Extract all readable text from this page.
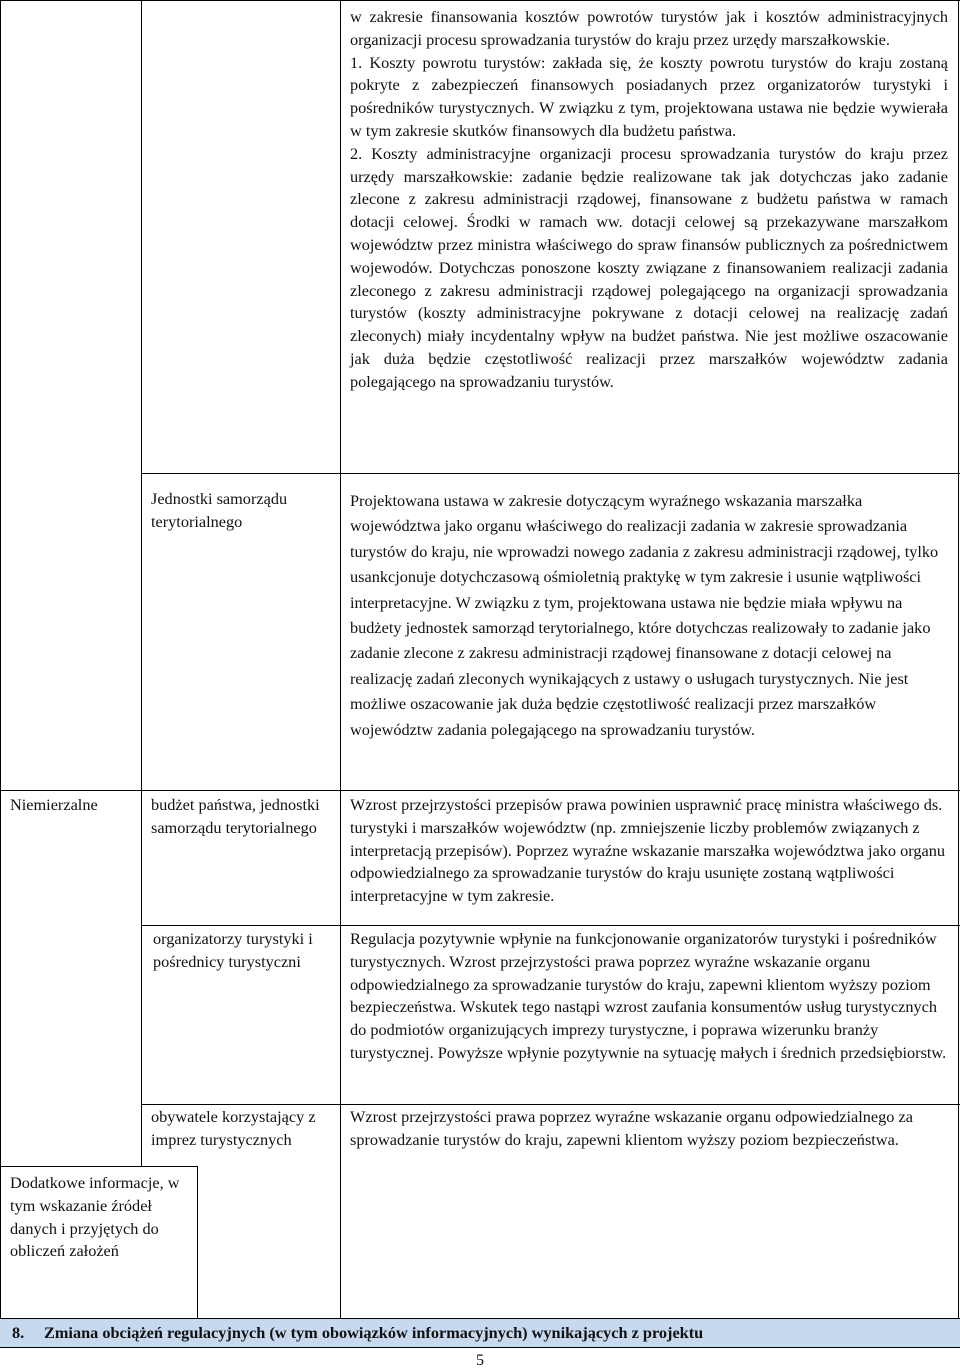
w zakresie finansowania kosztów powrotów turystów jak i kosztów administracyjnych organizacji procesu sprowadzania turystów do kraju przez urzędy marszałkowskie.

1. Koszty powrotu turystów: zakłada się, że koszty powrotu turystów do kraju zostaną pokryte z zabezpieczeń finansowych posiadanych przez organizatorów turystyki i pośredników turystycznych. W związku z tym, projektowana ustawa nie będzie wywierała w tym zakresie skutków finansowych dla budżetu państwa.

2. Koszty administracyjne organizacji procesu sprowadzania turystów do kraju przez urzędy marszałkowskie: zadanie będzie realizowane tak jak dotychczas jako zadanie zlecone z zakresu administracji rządowej, finansowane z budżetu państwa w ramach dotacji celowej. Środki w ramach ww. dotacji celowej są przekazywane marszałkom województw przez ministra właściwego do spraw finansów publicznych za pośrednictwem wojewodów. Dotychczas ponoszone koszty związane z finansowaniem realizacji zadania zleconego z zakresu administracji rządowej polegającego na organizacji sprowadzania turystów (koszty administracyjne pokrywane z dotacji celowej na realizację zadań zleconych) miały incydentalny wpływ na budżet państwa. Nie jest możliwe oszacowanie jak duża będzie częstotliwość realizacji przez marszałków województw zadania polegającego na sprowadzaniu turystów.

Jednostki samorządu terytorialnego

Projektowana ustawa w zakresie dotyczącym wyraźnego wskazania marszałka województwa jako organu właściwego do realizacji zadania w zakresie sprowadzania turystów do kraju, nie wprowadzi nowego zadania z zakresu administracji rządowej, tylko usankcjonuje dotychczasową ośmioletnią praktykę w tym zakresie i usunie wątpliwości interpretacyjne. W związku z tym, projektowana ustawa nie będzie miała wpływu na budżety jednostek samorząd terytorialnego, które dotychczas realizowały to zadanie jako zadanie zlecone z zakresu administracji rządowej finansowane z dotacji celowej na realizację zadań zleconych wynikających z ustawy o usługach turystycznych. Nie jest możliwe oszacowanie jak duża będzie częstotliwość realizacji przez marszałków województw zadania polegającego na sprowadzaniu turystów.

Niemierzalne	budżet państwa, jednostki samorządu terytorialnego

Wzrost przejrzystości przepisów prawa powinien usprawnić pracę ministra właściwego ds. turystyki i marszałków województw (np. zmniejszenie liczby problemów związanych z interpretacją przepisów). Poprzez wyraźne wskazanie marszałka województwa jako organu odpowiedzialnego za sprowadzanie turystów do kraju usunięte zostaną wątpliwości interpretacyjne w tym zakresie.

organizatorzy turystyki i pośrednicy turystyczni

Regulacja pozytywnie wpłynie na funkcjonowanie organizatorów turystyki i pośredników turystycznych. Wzrost przejrzystości prawa poprzez wyraźne wskazanie organu odpowiedzialnego za sprowadzanie turystów do kraju, zapewni klientom wyższy poziom bezpieczeństwa. Wskutek tego nastąpi wzrost zaufania konsumentów usług turystycznych do podmiotów organizujących imprezy turystyczne, i poprawa wizerunku branży turystycznej. Powyższe wpłynie pozytywnie na sytuację małych i średnich przedsiębiorstw.

obywatele korzystający z imprez turystycznych

Wzrost przejrzystości prawa poprzez wyraźne wskazanie organu odpowiedzialnego za sprowadzanie turystów do kraju, zapewni klientom wyższy poziom bezpieczeństwa.

Dodatkowe informacje, w tym wskazanie źródeł danych i przyjętych do obliczeń założeń

8. Zmiana obciążeń regulacyjnych (w tym obowiązków informacyjnych) wynikających z projektu
5
